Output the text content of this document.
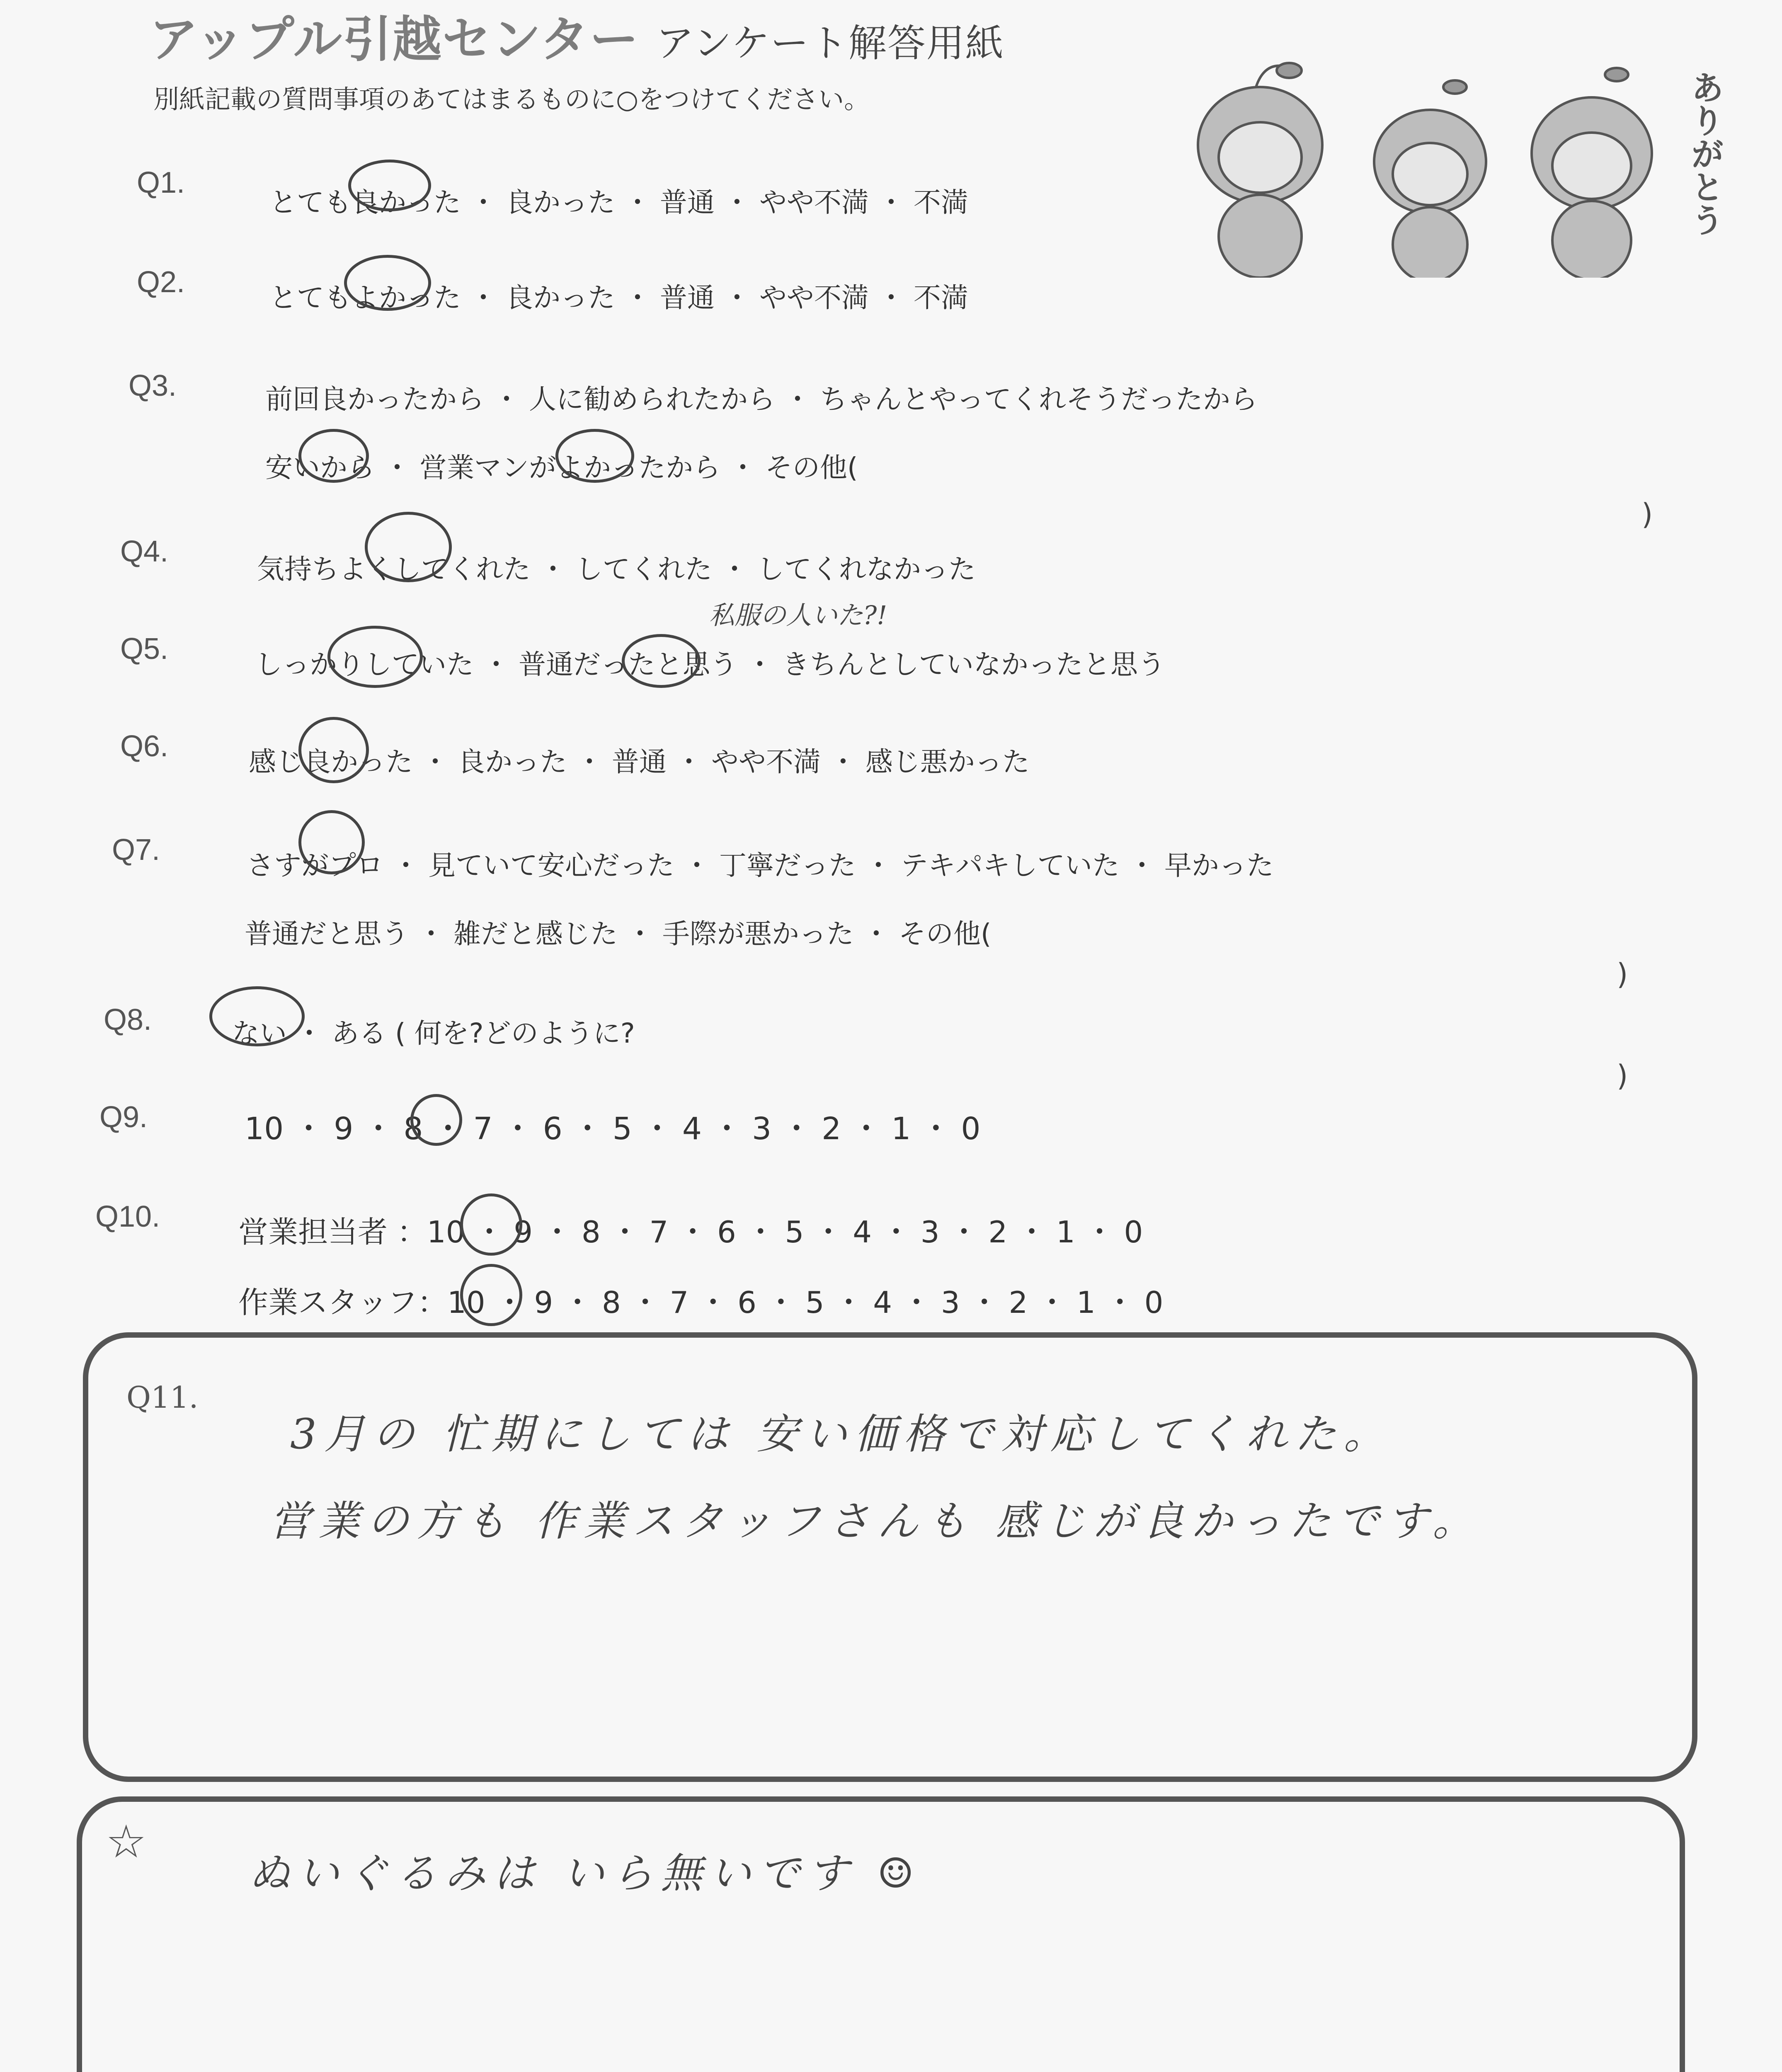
アップル引越センター アンケート解答用紙
別紙記載の質問事項のあてはまるものに○をつけてください。	ありがとう
Q1.
とても良かった ・ 良かった ・ 普通 ・ やや不満 ・ 不満
Q2.	とてもよかった ・ 良かった ・ 普通 ・ やや不満 ・ 不満
Q3.	前回良かったから ・ 人に勧められたから ・ ちゃんとやってくれそうだったから
安いから ・ 営業マンがよかったから ・ その他(
)
Q4.
気持ちよくしてくれた ・ してくれた ・ してくれなかった
私服の人いた?!
Q5.	しっかりしていた ・ 普通だったと思う ・ きちんとしていなかったと思う
Q6.	感じ良かった ・ 良かった ・ 普通 ・ やや不満 ・ 感じ悪かった
Q7.	さすがプロ ・ 見ていて安心だった ・ 丁寧だった ・ テキパキしていた ・ 早かった
普通だと思う ・ 雑だと感じた ・ 手際が悪かった ・ その他(
)
Q8.	ない ・ ある ( 何を?どのように?
)
Q9.	10 ・ 9 ・ 8 ・ 7 ・ 6 ・ 5 ・ 4 ・ 3 ・ 2 ・ 1 ・ 0
Q10.	営業担当者 ：10 ・ 9 ・ 8 ・ 7 ・ 6 ・ 5 ・ 4 ・ 3 ・ 2 ・ 1 ・ 0
作業スタッフ：10 ・ 9 ・ 8 ・ 7 ・ 6 ・ 5 ・ 4 ・ 3 ・ 2 ・ 1 ・ 0
Q11.
3月の 忙期にしては 安い価格で対応してくれた。
営業の方も 作業スタッフさんも 感じが良かったです。
☆
ぬいぐるみは いら無いです ☺
